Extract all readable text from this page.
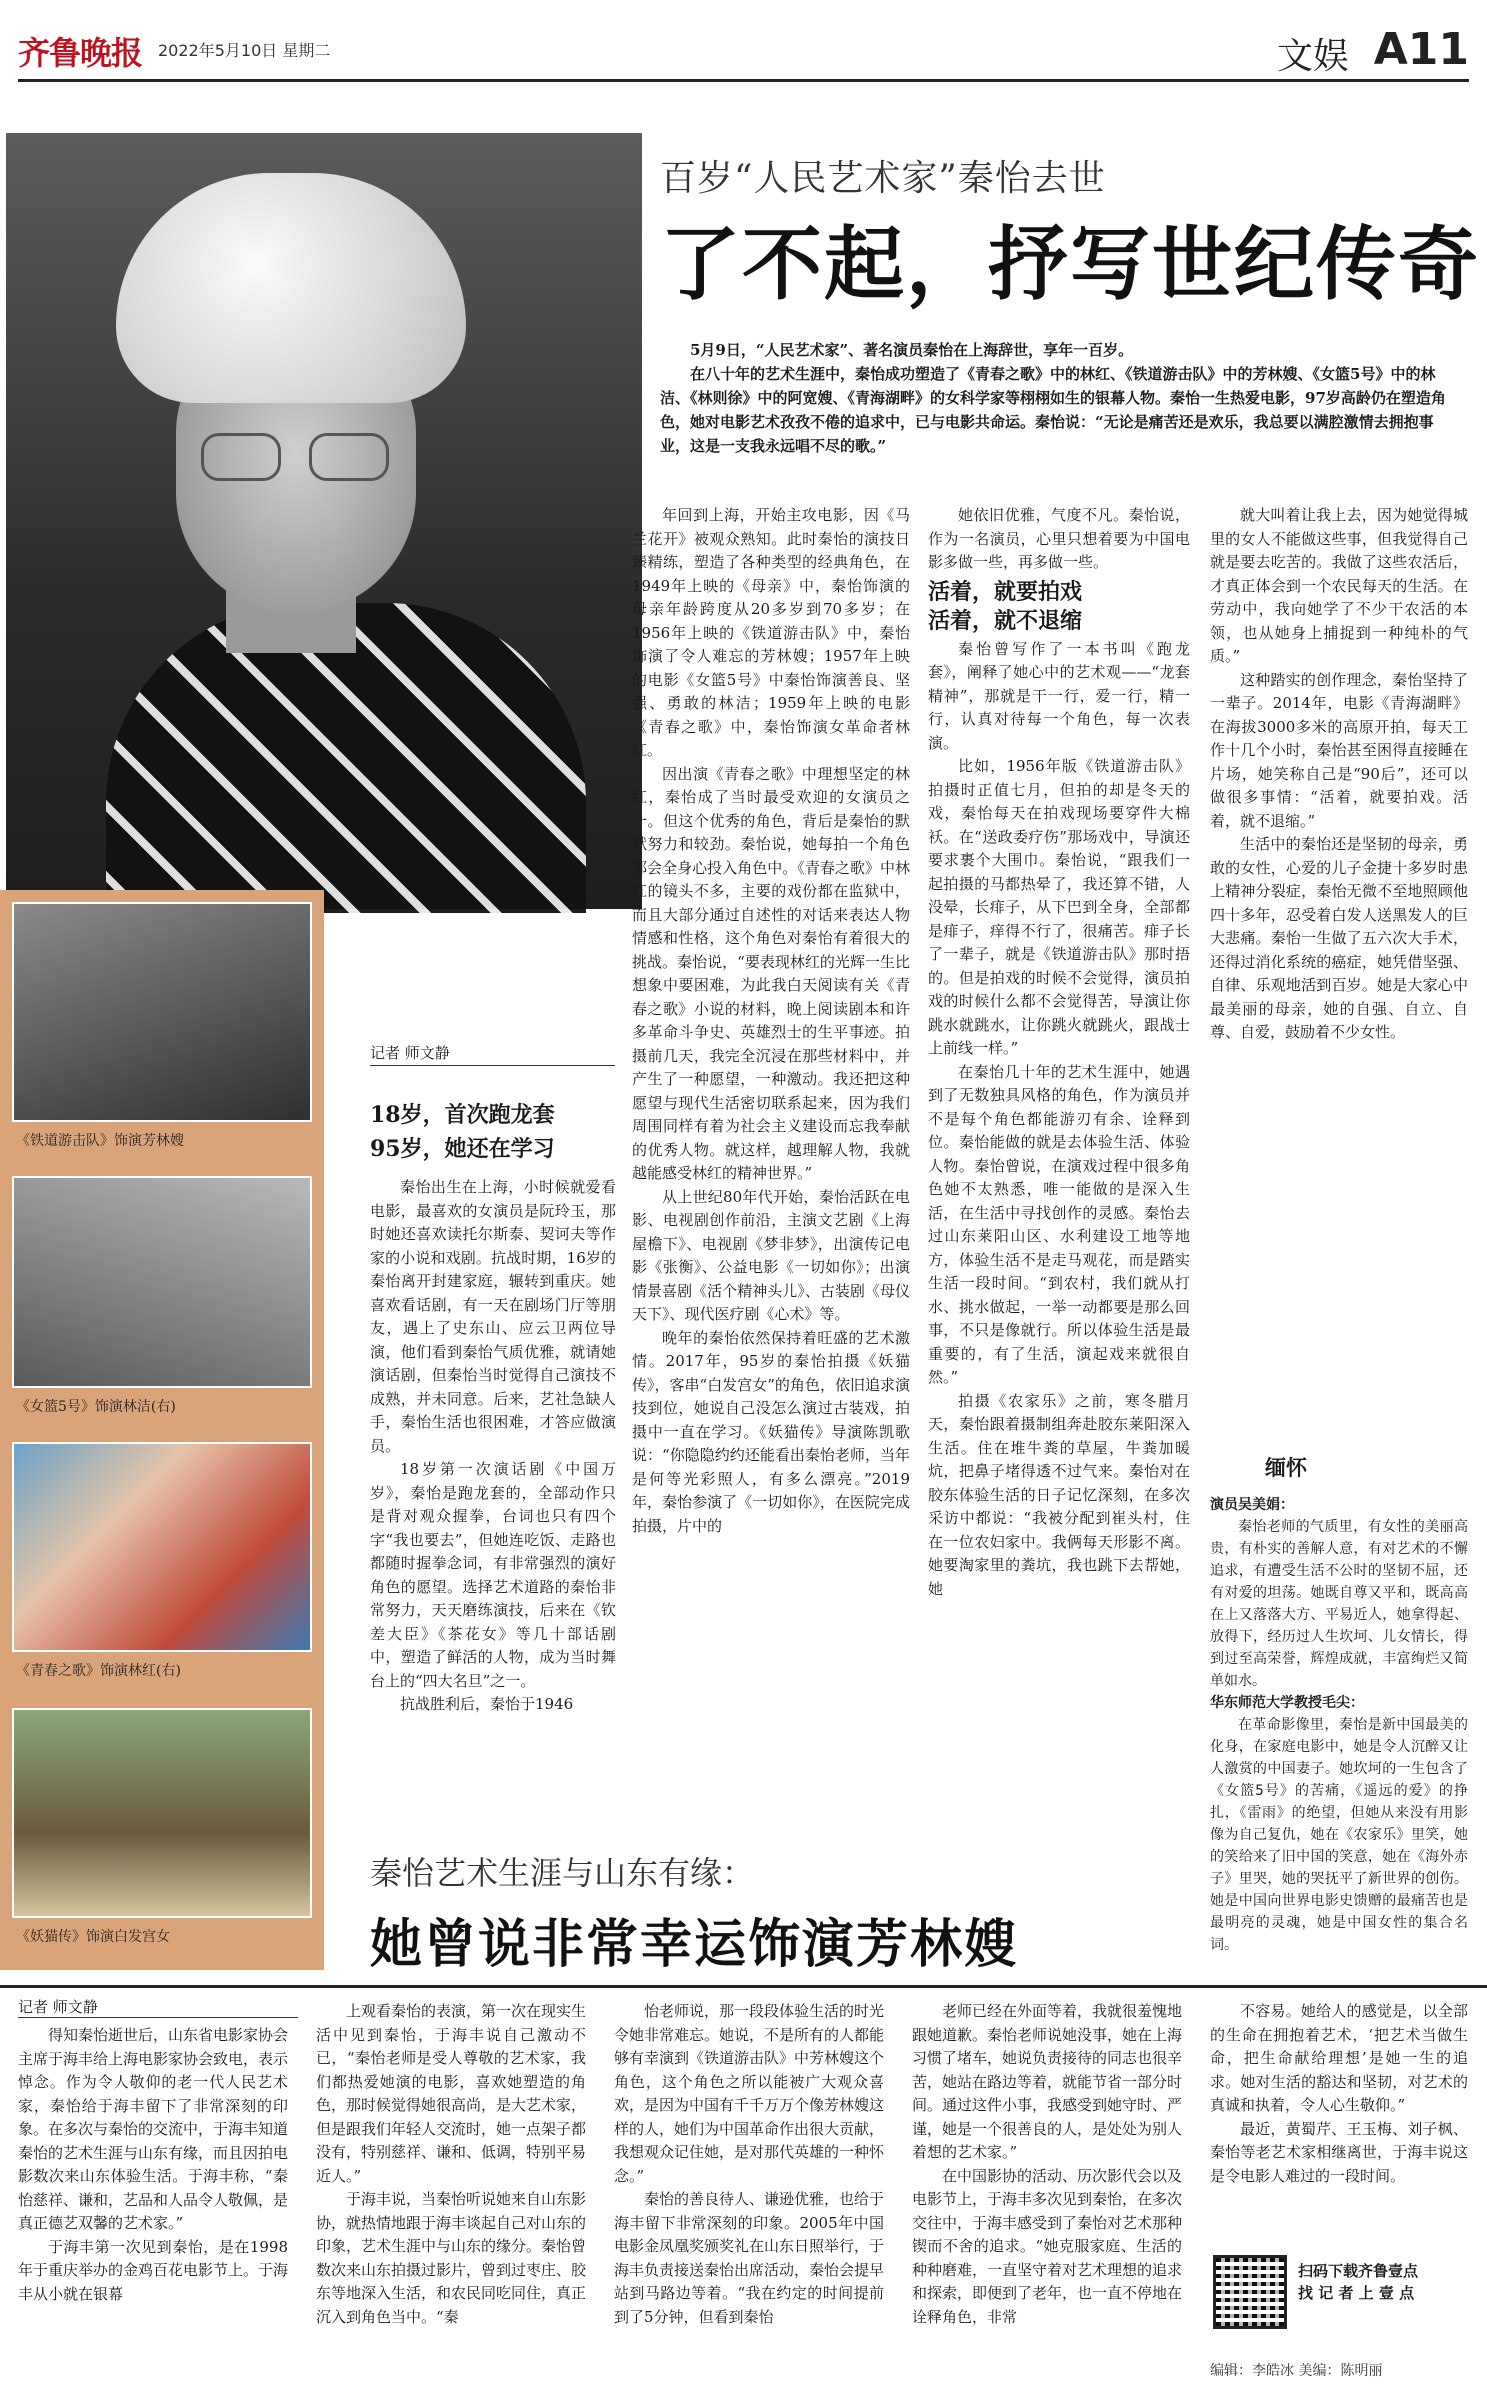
齐鲁晚报 2022年5月10日 星期二	文娱 A11
百岁“人民艺术家”秦怡去世
了不起，抒写世纪传奇

5月9日，“人民艺术家”、著名演员秦怡在上海辞世，享年一百岁。

在八十年的艺术生涯中，秦怡成功塑造了《青春之歌》中的林红、《铁道游击队》中的芳林嫂、《女篮5号》中的林洁、《林则徐》中的阿宽嫂、《青海湖畔》的女科学家等栩栩如生的银幕人物。秦怡一生热爱电影，97岁高龄仍在塑造角色，她对电影艺术孜孜不倦的追求中，已与电影共命运。秦怡说：“无论是痛苦还是欢乐，我总要以满腔激情去拥抱事业，这是一支我永远唱不尽的歌。”

《铁道游击队》饰演芳林嫂
《女篮5号》饰演林洁(右)
《青春之歌》饰演林红(右)
《妖猫传》饰演白发宫女
记者 师文静
18岁，首次跑龙套
95岁，她还在学习

秦怡出生在上海，小时候就爱看电影，最喜欢的女演员是阮玲玉，那时她还喜欢读托尔斯泰、契诃夫等作家的小说和戏剧。抗战时期，16岁的秦怡离开封建家庭，辗转到重庆。她喜欢看话剧，有一天在剧场门厅等朋友，遇上了史东山、应云卫两位导演，他们看到秦怡气质优雅，就请她演话剧，但秦怡当时觉得自己演技不成熟，并未同意。后来，艺社急缺人手，秦怡生活也很困难，才答应做演员。

18岁第一次演话剧《中国万岁》，秦怡是跑龙套的，全部动作只是背对观众握拳，台词也只有四个字“我也要去”，但她连吃饭、走路也都随时握拳念词，有非常强烈的演好角色的愿望。选择艺术道路的秦怡非常努力，天天磨练演技，后来在《钦差大臣》《茶花女》等几十部话剧中，塑造了鲜活的人物，成为当时舞台上的“四大名旦”之一。

抗战胜利后，秦怡于1946

年回到上海，开始主攻电影，因《马兰花开》被观众熟知。此时秦怡的演技日臻精练，塑造了各种类型的经典角色，在1949年上映的《母亲》中，秦怡饰演的母亲年龄跨度从20多岁到70多岁；在1956年上映的《铁道游击队》中，秦怡饰演了令人难忘的芳林嫂；1957年上映的电影《女篮5号》中秦怡饰演善良、坚强、勇敢的林洁；1959年上映的电影《青春之歌》中，秦怡饰演女革命者林红。

因出演《青春之歌》中理想坚定的林红，秦怡成了当时最受欢迎的女演员之一。但这个优秀的角色，背后是秦怡的默默努力和较劲。秦怡说，她每拍一个角色都会全身心投入角色中。《青春之歌》中林红的镜头不多，主要的戏份都在监狱中，而且大部分通过自述性的对话来表达人物情感和性格，这个角色对秦怡有着很大的挑战。秦怡说，“要表现林红的光辉一生比想象中要困难，为此我白天阅读有关《青春之歌》小说的材料，晚上阅读剧本和许多革命斗争史、英雄烈士的生平事迹。拍摄前几天，我完全沉浸在那些材料中，并产生了一种愿望，一种激动。我还把这种愿望与现代生活密切联系起来，因为我们周围同样有着为社会主义建设而忘我奉献的优秀人物。就这样，越理解人物，我就越能感受林红的精神世界。”

从上世纪80年代开始，秦怡活跃在电影、电视剧创作前沿，主演文艺剧《上海屋檐下》、电视剧《梦非梦》，出演传记电影《张衡》、公益电影《一切如你》；出演情景喜剧《活个精神头儿》、古装剧《母仪天下》、现代医疗剧《心术》等。

晚年的秦怡依然保持着旺盛的艺术激情。2017年，95岁的秦怡拍摄《妖猫传》，客串“白发宫女”的角色，依旧追求演技到位，她说自己没怎么演过古装戏，拍摄中一直在学习。《妖猫传》导演陈凯歌说：“你隐隐约约还能看出秦怡老师，当年是何等光彩照人，有多么漂亮。”2019年，秦怡参演了《一切如你》，在医院完成拍摄，片中的

她依旧优雅，气度不凡。秦怡说，作为一名演员，心里只想着要为中国电影多做一些，再多做一些。

活着，就要拍戏
活着，就不退缩

秦怡曾写作了一本书叫《跑龙套》，阐释了她心中的艺术观——“龙套精神”，那就是干一行，爱一行，精一行，认真对待每一个角色，每一次表演。

比如，1956年版《铁道游击队》拍摄时正值七月，但拍的却是冬天的戏，秦怡每天在拍戏现场要穿件大棉袄。在“送政委疗伤”那场戏中，导演还要求裹个大围巾。秦怡说，“跟我们一起拍摄的马都热晕了，我还算不错，人没晕，长痱子，从下巴到全身，全部都是痱子，痒得不行了，很痛苦。痱子长了一辈子，就是《铁道游击队》那时捂的。但是拍戏的时候不会觉得，演员拍戏的时候什么都不会觉得苦，导演让你跳水就跳水，让你跳火就跳火，跟战士上前线一样。”

在秦怡几十年的艺术生涯中，她遇到了无数独具风格的角色，作为演员并不是每个角色都能游刃有余、诠释到位。秦怡能做的就是去体验生活、体验人物。秦怡曾说，在演戏过程中很多角色她不太熟悉，唯一能做的是深入生活，在生活中寻找创作的灵感。秦怡去过山东莱阳山区、水利建设工地等地方，体验生活不是走马观花，而是踏实生活一段时间。“到农村，我们就从打水、挑水做起，一举一动都要是那么回事，不只是像就行。所以体验生活是最重要的，有了生活，演起戏来就很自然。”

拍摄《农家乐》之前，寒冬腊月天，秦怡跟着摄制组奔赴胶东莱阳深入生活。住在堆牛粪的草屋，牛粪加暖炕，把鼻子堵得透不过气来。秦怡对在胶东体验生活的日子记忆深刻，在多次采访中都说：“我被分配到崔头村，住在一位农妇家中。我俩每天形影不离。她要淘家里的粪坑，我也跳下去帮她，她

就大叫着让我上去，因为她觉得城里的女人不能做这些事，但我觉得自己就是要去吃苦的。我做了这些农活后，才真正体会到一个农民每天的生活。在劳动中，我向她学了不少干农活的本领，也从她身上捕捉到一种纯朴的气质。”

这种踏实的创作理念，秦怡坚持了一辈子。2014年，电影《青海湖畔》在海拔3000多米的高原开拍，每天工作十几个小时，秦怡甚至困得直接睡在片场，她笑称自己是“90后”，还可以做很多事情：“活着，就要拍戏。活着，就不退缩。”

生活中的秦怡还是坚韧的母亲，勇敢的女性，心爱的儿子金捷十多岁时患上精神分裂症，秦怡无微不至地照顾他四十多年，忍受着白发人送黑发人的巨大悲痛。秦怡一生做了五六次大手术，还得过消化系统的癌症，她凭借坚强、自律、乐观地活到百岁。她是大家心中最美丽的母亲，她的自强、自立、自尊、自爱，鼓励着不少女性。

缅怀
演员吴美娟：

秦怡老师的气质里，有女性的美丽高贵，有朴实的善解人意，有对艺术的不懈追求，有遭受生活不公时的坚韧不屈，还有对爱的坦荡。她既自尊又平和，既高高在上又落落大方、平易近人，她拿得起、放得下，经历过人生坎坷、儿女情长，得到过至高荣誉，辉煌成就，丰富绚烂又简单如水。

华东师范大学教授毛尖：

在革命影像里，秦怡是新中国最美的化身，在家庭电影中，她是令人沉醉又让人激赏的中国妻子。她坎坷的一生包含了《女篮5号》的苦痛，《遥远的爱》的挣扎，《雷雨》的绝望，但她从来没有用影像为自己复仇，她在《农家乐》里笑，她的笑给来了旧中国的笑意，她在《海外赤子》里哭，她的哭抚平了新世界的创伤。她是中国向世界电影史馈赠的最痛苦也是最明亮的灵魂，她是中国女性的集合名词。

秦怡艺术生涯与山东有缘：
她曾说非常幸运饰演芳林嫂
记者 师文静

得知秦怡逝世后，山东省电影家协会主席于海丰给上海电影家协会致电，表示悼念。作为令人敬仰的老一代人民艺术家，秦怡给于海丰留下了非常深刻的印象。在多次与秦怡的交流中，于海丰知道秦怡的艺术生涯与山东有缘，而且因拍电影数次来山东体验生活。于海丰称，“秦怡慈祥、谦和，艺品和人品令人敬佩，是真正德艺双馨的艺术家。”

于海丰第一次见到秦怡，是在1998年于重庆举办的金鸡百花电影节上。于海丰从小就在银幕

上观看秦怡的表演，第一次在现实生活中见到秦怡，于海丰说自己激动不已，“秦怡老师是受人尊敬的艺术家，我们都热爱她演的电影，喜欢她塑造的角色，那时候觉得她很高尚，是大艺术家，但是跟我们年轻人交流时，她一点架子都没有，特别慈祥、谦和、低调，特别平易近人。”

于海丰说，当秦怡听说她来自山东影协，就热情地跟于海丰谈起自己对山东的印象，艺术生涯中与山东的缘分。秦怡曾数次来山东拍摄过影片，曾到过枣庄、胶东等地深入生活，和农民同吃同住，真正沉入到角色当中。“秦

怡老师说，那一段段体验生活的时光令她非常难忘。她说，不是所有的人都能够有幸演到《铁道游击队》中芳林嫂这个角色，这个角色之所以能被广大观众喜欢，是因为中国有千千万万个像芳林嫂这样的人，她们为中国革命作出很大贡献，我想观众记住她，是对那代英雄的一种怀念。”

秦怡的善良待人、谦逊优雅，也给于海丰留下非常深刻的印象。2005年中国电影金凤凰奖颁奖礼在山东日照举行，于海丰负责接送秦怡出席活动，秦怡会提早站到马路边等着。“我在约定的时间提前到了5分钟，但看到秦怡

老师已经在外面等着，我就很羞愧地跟她道歉。秦怡老师说她没事，她在上海习惯了堵车，她说负责接待的同志也很辛苦，她站在路边等着，就能节省一部分时间。通过这件小事，我感受到她守时、严谨，她是一个很善良的人，是处处为别人着想的艺术家。”

在中国影协的活动、历次影代会以及电影节上，于海丰多次见到秦怡，在多次交往中，于海丰感受到了秦怡对艺术那种锲而不舍的追求。“她克服家庭、生活的种种磨难，一直坚守着对艺术理想的追求和探索，即便到了老年，也一直不停地在诠释角色，非常

不容易。她给人的感觉是，以全部的生命在拥抱着艺术，‘把艺术当做生命，把生命献给理想’是她一生的追求。她对生活的豁达和坚韧，对艺术的真诚和执着，令人心生敬仰。”

最近，黄蜀芹、王玉梅、刘子枫、秦怡等老艺术家相继离世，于海丰说这是令电影人难过的一段时间。

扫码下载齐鲁壹点
找 记 者 上 壹 点
编辑：李皓冰 美编：陈明丽
